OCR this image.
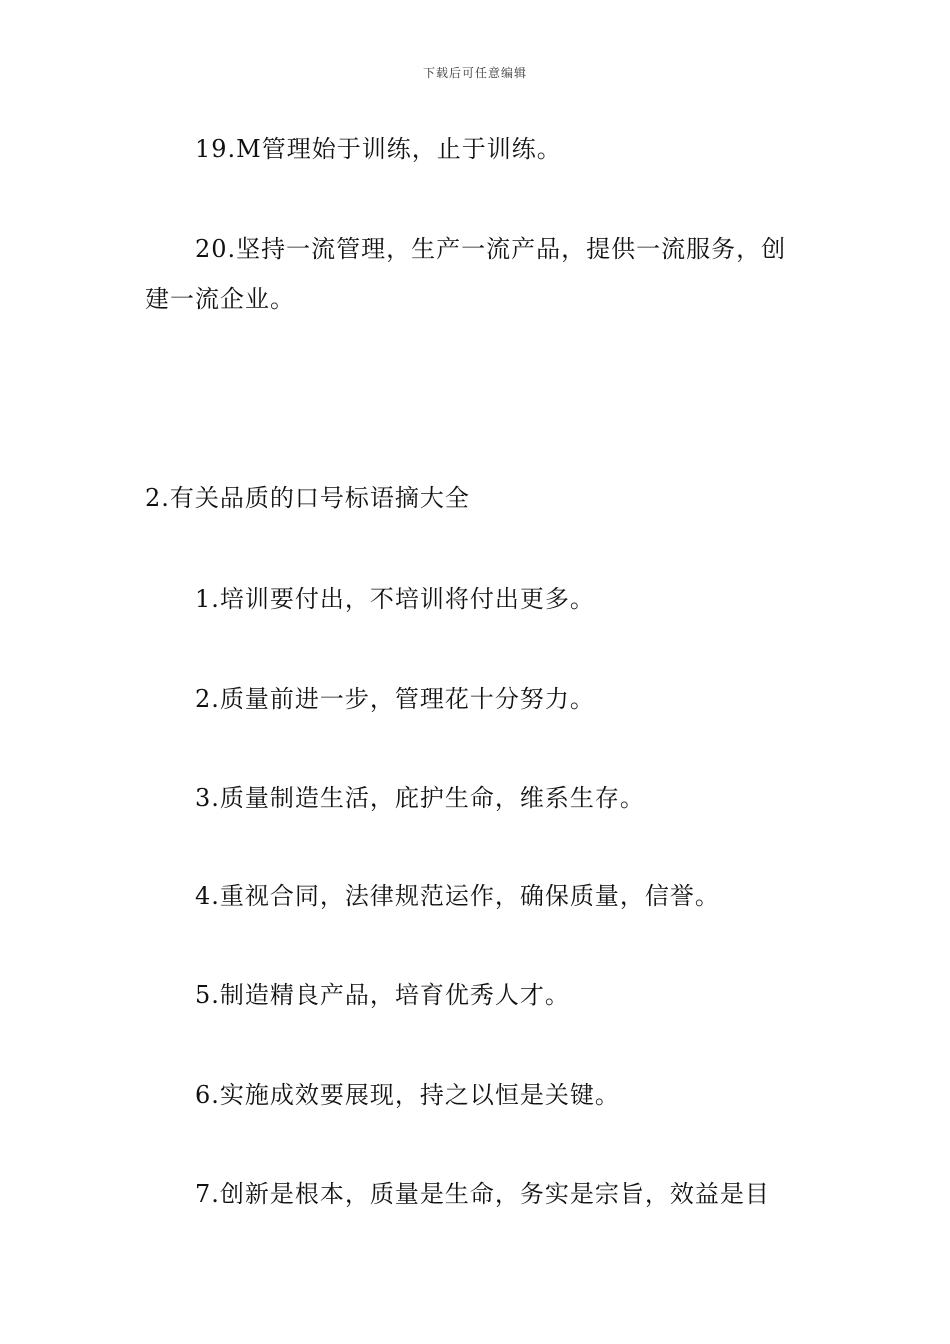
下载后可任意编辑
19.M管理始于训练，止于训练。
20.坚持一流管理，生产一流产品，提供一流服务，创
建一流企业。
2.有关品质的口号标语摘大全
1.培训要付出，不培训将付出更多。
2.质量前进一步，管理花十分努力。
3.质量制造生活，庇护生命，维系生存。
4.重视合同，法律规范运作，确保质量，信誉。
5.制造精良产品，培育优秀人才。
6.实施成效要展现，持之以恒是关键。
7.创新是根本，质量是生命，务实是宗旨，效益是目
